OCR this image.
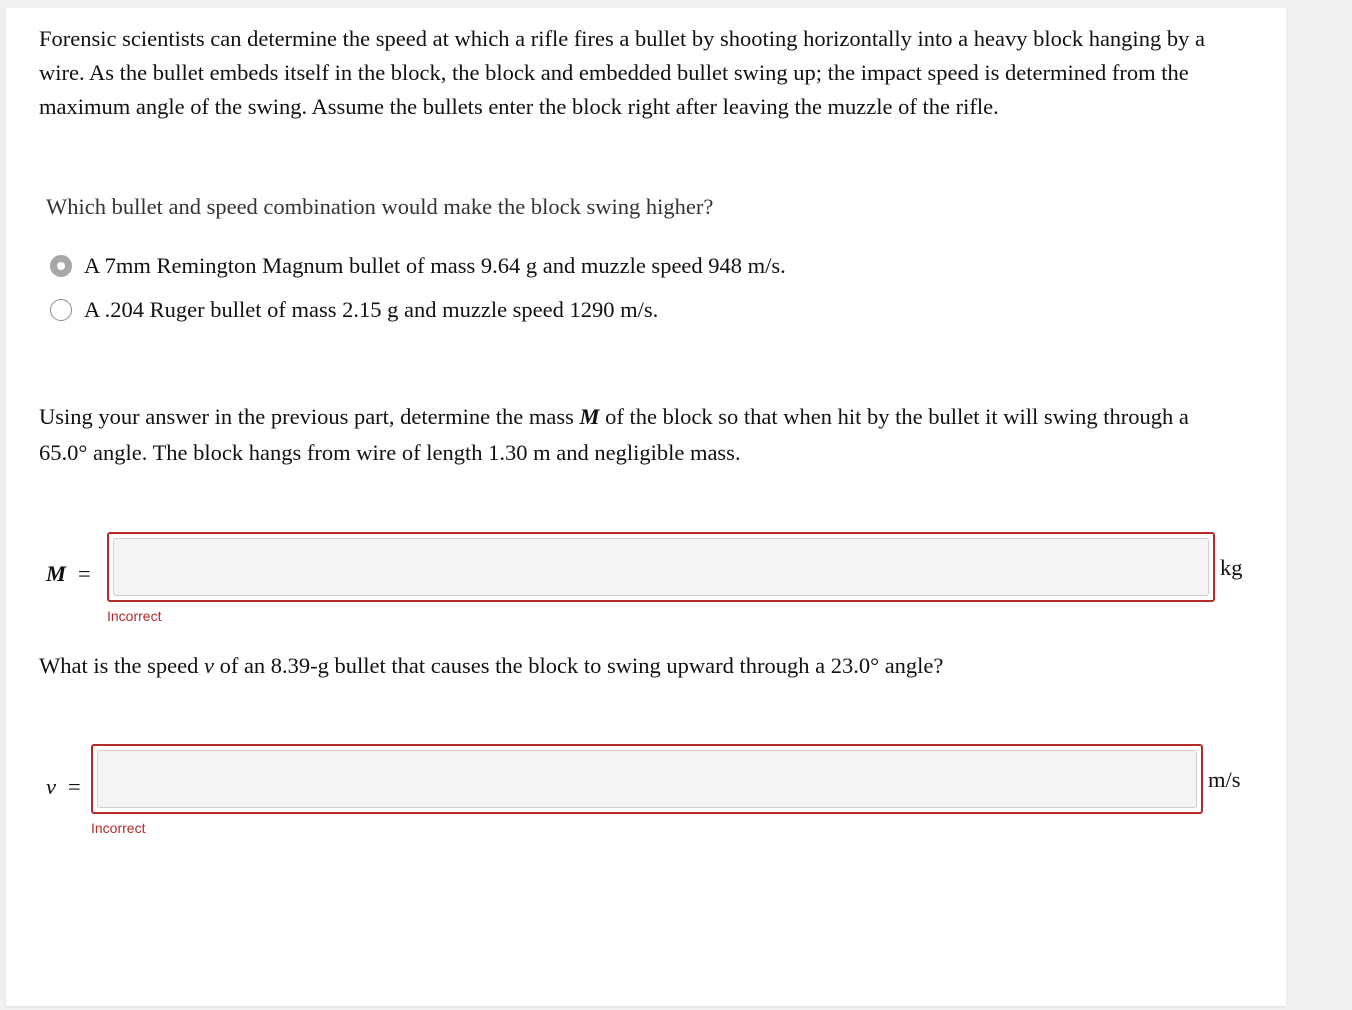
Forensic scientists can determine the speed at which a rifle fires a bullet by shooting horizontally into a heavy block hanging by a wire. As the bullet embeds itself in the block, the block and embedded bullet swing up; the impact speed is determined from the maximum angle of the swing. Assume the bullets enter the block right after leaving the muzzle of the rifle.

Which bullet and speed combination would make the block swing higher?

A 7mm Remington Magnum bullet of mass 9.64 g and muzzle speed 948 m/s.
A .204 Ruger bullet of mass 2.15 g and muzzle speed 1290 m/s.

Using your answer in the previous part, determine the mass M of the block so that when hit by the bullet it will swing through a 65.0° angle. The block hangs from wire of length 1.30 m and negligible mass.

M =	kg
Incorrect

What is the speed v of an 8.39-g bullet that causes the block to swing upward through a 23.0° angle?

v =	m/s
Incorrect
